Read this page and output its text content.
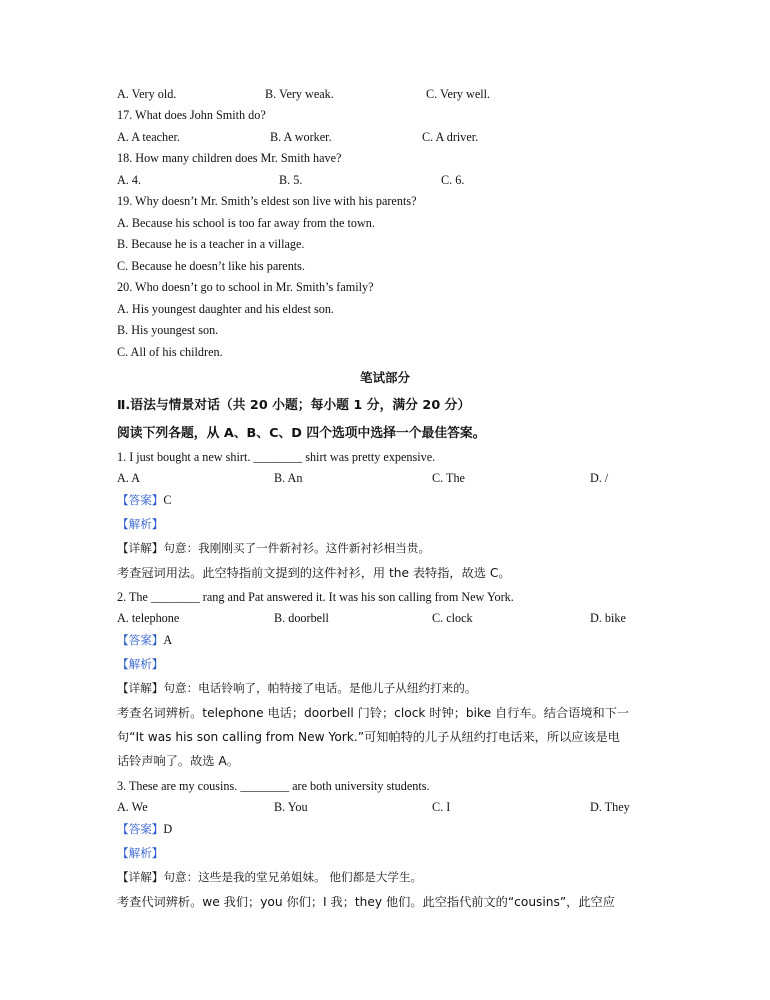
A. Very old.	B. Very weak.	C. Very well.
17. What does John Smith do?
A. A teacher.	B. A worker.	C. A driver.
18. How many children does Mr. Smith have?
A. 4.	B. 5.	C. 6.
19. Why doesn’t Mr. Smith’s eldest son live with his parents?
A. Because his school is too far away from the town.
B. Because he is a teacher in a village.
C. Because he doesn’t like his parents.
20. Who doesn’t go to school in Mr. Smith’s family?
A. His youngest daughter and his eldest son.
B. His youngest son.
C. All of his children.
笔试部分
Ⅱ.语法与情景对话（共 20 小题；每小题 1 分，满分 20 分）
阅读下列各题，从 A、B、C、D 四个选项中选择一个最佳答案。
1. I just bought a new shirt. ________ shirt was pretty expensive.
A. A	B. An	C. The	D. /
【答案】C
【解析】
【详解】句意：我刚刚买了一件新衬衫。这件新衬衫相当贵。
考查冠词用法。此空特指前文提到的这件衬衫，用 the 表特指，故选 C。
2. The ________ rang and Pat answered it. It was his son calling from New York.
A. telephone	B. doorbell	C. clock	D. bike
【答案】A
【解析】
【详解】句意：电话铃响了，帕特接了电话。是他儿子从纽约打来的。
考查名词辨析。telephone 电话；doorbell 门铃；clock 时钟；bike 自行车。结合语境和下一
句“It was his son calling from New York.”可知帕特的儿子从纽约打电话来，所以应该是电
话铃声响了。故选 A。
3. These are my cousins. ________ are both university students.
A. We	B. You	C. I	D. They
【答案】D
【解析】
【详解】句意：这些是我的堂兄弟姐妹。 他们都是大学生。
考查代词辨析。we 我们；you 你们；I 我；they 他们。此空指代前文的“cousins”，此空应
